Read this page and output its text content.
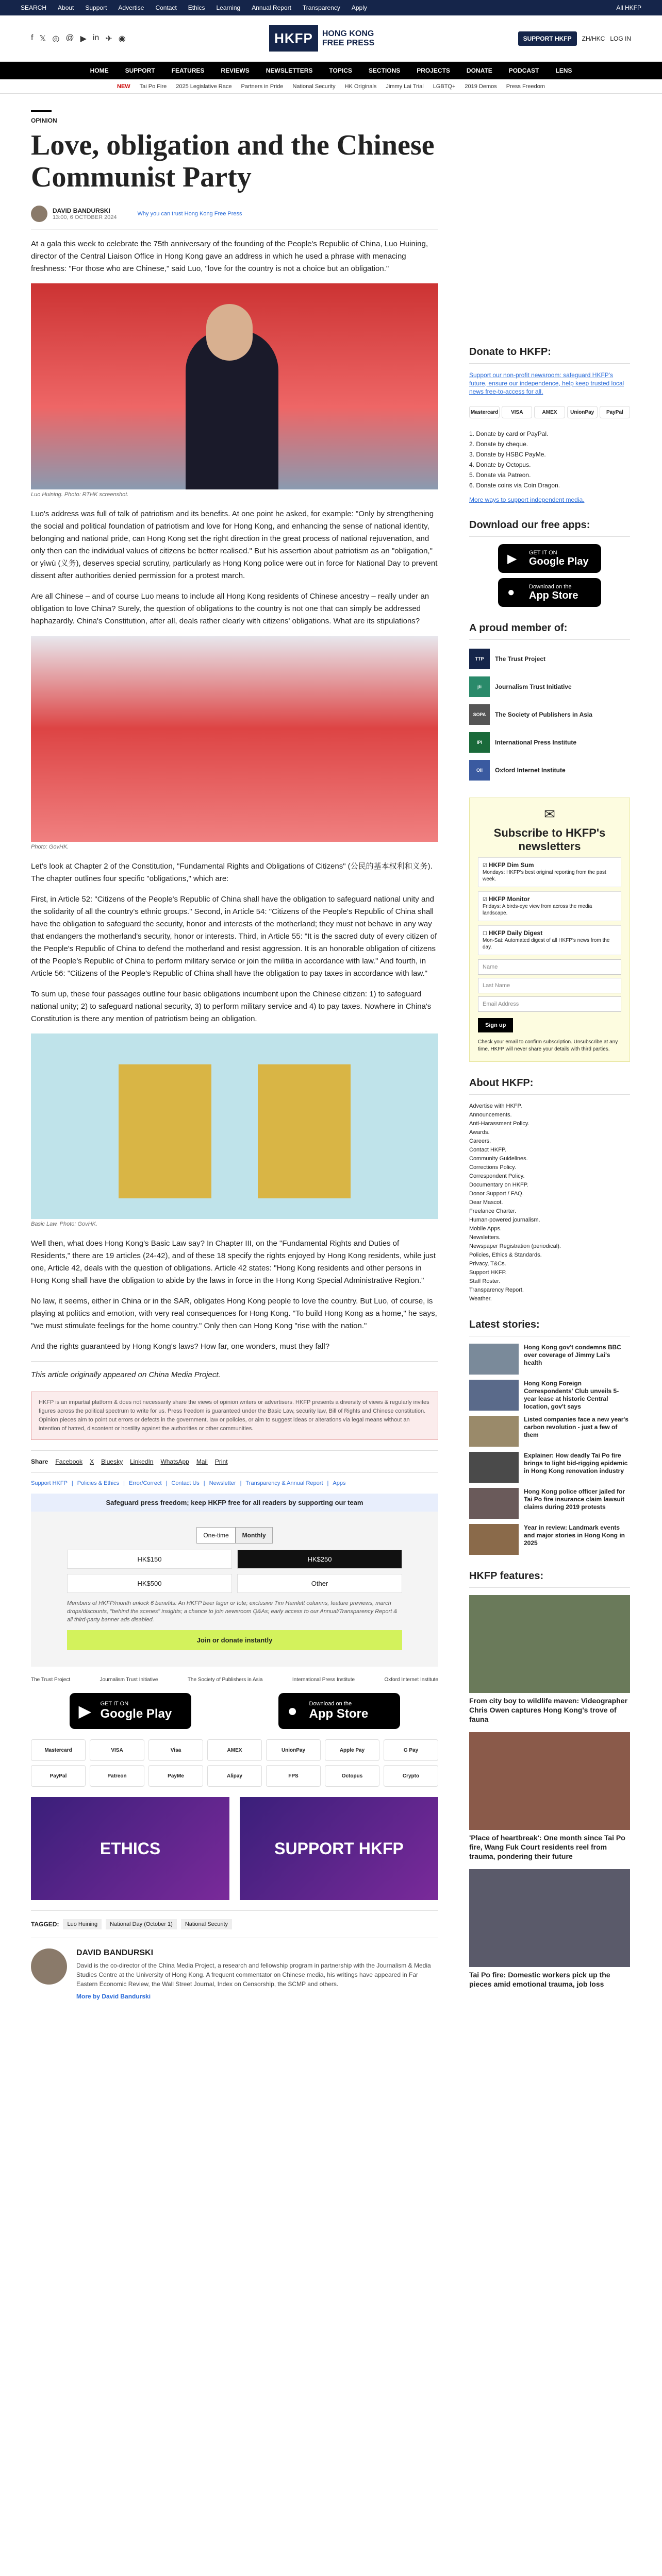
SEARCH About Support Advertise Contact Ethics Learning Annual Report Transparency Apply	All HKFP
f 𝕏 ◎ @ ▶ in ✈ ◉	HKFP	HONG KONG
FREE PRESS	SUPPORT HKFP	ZH/HKC LOG IN
HOME	SUPPORT	FEATURES	REVIEWS	NEWSLETTERS	TOPICS	SECTIONS	PROJECTS	DONATE	PODCAST	LENS
NEW Tai Po Fire 2025 Legislative Race Partners in Pride National Security HK Originals Jimmy Lai Trial LGBTQ+ 2019 Demos Press Freedom
OPINION
Love, obligation and the Chinese Communist Party
DAVID BANDURSKI
13:00, 6 OCTOBER 2024
Why you can trust Hong Kong Free Press

At a gala this week to celebrate the 75th anniversary of the founding of the People's Republic of China, Luo Huining, director of the Central Liaison Office in Hong Kong gave an address in which he used a phrase with menacing freshness: "For those who are Chinese," said Luo, "love for the country is not a choice but an obligation."

Luo Huining. Photo: RTHK screenshot.

Luo's address was full of talk of patriotism and its benefits. At one point he asked, for example: "Only by strengthening the social and political foundation of patriotism and love for Hong Kong, and enhancing the sense of national identity, belonging and national pride, can Hong Kong set the right direction in the great process of national rejuvenation, and only then can the individual values of citizens be better realised." But his assertion about patriotism as an "obligation," or yìwù (义务), deserves special scrutiny, particularly as Hong Kong police were out in force for National Day to prevent dissent after authorities denied permission for a protest march.

Are all Chinese – and of course Luo means to include all Hong Kong residents of Chinese ancestry – really under an obligation to love China? Surely, the question of obligations to the country is not one that can simply be addressed haphazardly. China's Constitution, after all, deals rather clearly with citizens' obligations. What are its stipulations?

Photo: GovHK.

Let's look at Chapter 2 of the Constitution, "Fundamental Rights and Obligations of Citizens" (公民的基本权利和义务). The chapter outlines four specific "obligations," which are:

First, in Article 52: "Citizens of the People's Republic of China shall have the obligation to safeguard national unity and the solidarity of all the country's ethnic groups." Second, in Article 54: "Citizens of the People's Republic of China shall have the obligation to safeguard the security, honor and interests of the motherland; they must not behave in any way that endangers the motherland's security, honor or interests. Third, in Article 55: "It is the sacred duty of every citizen of the People's Republic of China to defend the motherland and resist aggression. It is an honorable obligation of citizens of the People's Republic of China to perform military service or join the militia in accordance with law." And fourth, in Article 56: "Citizens of the People's Republic of China shall have the obligation to pay taxes in accordance with law."

To sum up, these four passages outline four basic obligations incumbent upon the Chinese citizen: 1) to safeguard national unity; 2) to safeguard national security, 3) to perform military service and 4) to pay taxes. Nowhere in China's Constitution is there any mention of patriotism being an obligation.

Basic Law. Photo: GovHK.

Well then, what does Hong Kong's Basic Law say? In Chapter III, on the "Fundamental Rights and Duties of Residents," there are 19 articles (24-42), and of these 18 specify the rights enjoyed by Hong Kong residents, while just one, Article 42, deals with the question of obligations. Article 42 states: "Hong Kong residents and other persons in Hong Kong shall have the obligation to abide by the laws in force in the Hong Kong Special Administrative Region."

No law, it seems, either in China or in the SAR, obligates Hong Kong people to love the country. But Luo, of course, is playing at politics and emotion, with very real consequences for Hong Kong. "To build Hong Kong as a home," he says, "we must stimulate feelings for the home country." Only then can Hong Kong "rise with the nation."

And the rights guaranteed by Hong Kong's laws? How far, one wonders, must they fall?

This article originally appeared on China Media Project.

HKFP is an impartial platform & does not necessarily share the views of opinion writers or advertisers. HKFP presents a diversity of views & regularly invites figures across the political spectrum to write for us. Press freedom is guaranteed under the Basic Law, security law, Bill of Rights and Chinese constitution. Opinion pieces aim to point out errors or defects in the government, law or policies, or aim to suggest ideas or alterations via legal means without an intention of hatred, discontent or hostility against the authorities or other communities.
Share Facebook X Bluesky LinkedIn WhatsApp Mail Print
Support HKFP | Policies & Ethics | Error/Correct | Contact Us | Newsletter | Transparency & Annual Report | Apps
Safeguard press freedom; keep HKFP free for all readers by supporting our team
One-time	Monthly
HK$150	HK$250
HK$500	Other
Members of HKFP/month unlock 6 benefits: An HKFP beer lager or tote; exclusive Tim Hamlett columns, feature previews, march drops/discounts, "behind the scenes" insights; a chance to join newsroom Q&As; early access to our Annual/Transparency Report & all third-party banner ads disabled.
Join or donate instantly
The Trust Project	Journalism Trust Initiative	The Society of Publishers in Asia	International Press Institute	Oxford Internet Institute
▶ GET IT ON
Google Play	● Download on the
App Store
Mastercard	VISA	Visa	AMEX	UnionPay	Apple Pay	G Pay
PayPal	Patreon	PayMe	Alipay	FPS	Octopus	Crypto
ETHICS	SUPPORT HKFP
TAGGED:	Luo Huining	National Day (October 1)	National Security
DAVID BANDURSKI

David is the co-director of the China Media Project, a research and fellowship program in partnership with the Journalism & Media Studies Centre at the University of Hong Kong. A frequent commentator on Chinese media, his writings have appeared in Far Eastern Economic Review, the Wall Street Journal, Index on Censorship, the SCMP and others.

More by David Bandurski

Donate to HKFP:

Support our non-profit newsroom: safeguard HKFP's future, ensure our independence, help keep trusted local news free-to-access for all.

Mastercard	VISA	AMEX	UnionPay	PayPal
1. Donate by card or PayPal.
2. Donate by cheque.
3. Donate by HSBC PayMe.
4. Donate by Octopus.
5. Donate via Patreon.
6. Donate coins via Coin Dragon.

More ways to support independent media.

Download our free apps:
▶ GET IT ON
Google Play
●	Download on the
App Store
A proud member of:
TTP	The Trust Project
jti	Journalism Trust Initiative
SOPA	The Society of Publishers in Asia
IPI	International Press Institute
OII	Oxford Internet Institute
✉
Subscribe to HKFP's newsletters
☑ HKFP Dim Sum
Mondays: HKFP's best original reporting from the past week.
☑ HKFP Monitor
Fridays: A birds-eye view from across the media landscape.
☐ HKFP Daily Digest
Mon-Sat: Automated digest of all HKFP's news from the day.
Name
Last Name
Email Address
Sign up

Check your email to confirm subscription. Unsubscribe at any time. HKFP will never share your details with third parties.

About HKFP:
Advertise with HKFP.
Announcements.
Anti-Harassment Policy.
Awards.
Careers.
Contact HKFP.
Community Guidelines.
Corrections Policy.
Correspondent Policy.
Documentary on HKFP.
Donor Support / FAQ.
Dear Mascot.
Freelance Charter.
Human-powered journalism.
Mobile Apps.
Newsletters.
Newspaper Registration (periodical).
Policies, Ethics & Standards.
Privacy, T&Cs.
Support HKFP.
Staff Roster.
Transparency Report.
Weather.
Latest stories:
Hong Kong gov't condemns BBC over coverage of Jimmy Lai's health
Hong Kong Foreign Correspondents' Club unveils 5-year lease at historic Central location, gov't says
Listed companies face a new year's carbon revolution - just a few of them
Explainer: How deadly Tai Po fire brings to light bid-rigging epidemic in Hong Kong renovation industry
Hong Kong police officer jailed for Tai Po fire insurance claim lawsuit claims during 2019 protests
Year in review: Landmark events and major stories in Hong Kong in 2025
HKFP features:
From city boy to wildlife maven: Videographer Chris Owen captures Hong Kong's trove of fauna
'Place of heartbreak': One month since Tai Po fire, Wang Fuk Court residents reel from trauma, pondering their future
Tai Po fire: Domestic workers pick up the pieces amid emotional trauma, job loss
